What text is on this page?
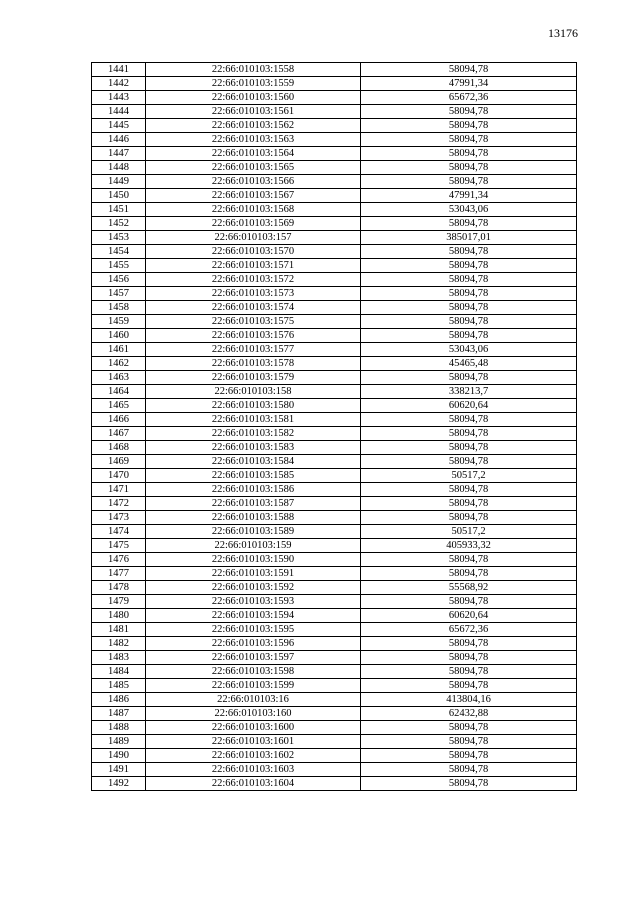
13176
1441	22:66:010103:1558	58094,78
1442	22:66:010103:1559	47991,34
1443	22:66:010103:1560	65672,36
1444	22:66:010103:1561	58094,78
1445	22:66:010103:1562	58094,78
1446	22:66:010103:1563	58094,78
1447	22:66:010103:1564	58094,78
1448	22:66:010103:1565	58094,78
1449	22:66:010103:1566	58094,78
1450	22:66:010103:1567	47991,34
1451	22:66:010103:1568	53043,06
1452	22:66:010103:1569	58094,78
1453	22:66:010103:157	385017,01
1454	22:66:010103:1570	58094,78
1455	22:66:010103:1571	58094,78
1456	22:66:010103:1572	58094,78
1457	22:66:010103:1573	58094,78
1458	22:66:010103:1574	58094,78
1459	22:66:010103:1575	58094,78
1460	22:66:010103:1576	58094,78
1461	22:66:010103:1577	53043,06
1462	22:66:010103:1578	45465,48
1463	22:66:010103:1579	58094,78
1464	22:66:010103:158	338213,7
1465	22:66:010103:1580	60620,64
1466	22:66:010103:1581	58094,78
1467	22:66:010103:1582	58094,78
1468	22:66:010103:1583	58094,78
1469	22:66:010103:1584	58094,78
1470	22:66:010103:1585	50517,2
1471	22:66:010103:1586	58094,78
1472	22:66:010103:1587	58094,78
1473	22:66:010103:1588	58094,78
1474	22:66:010103:1589	50517,2
1475	22:66:010103:159	405933,32
1476	22:66:010103:1590	58094,78
1477	22:66:010103:1591	58094,78
1478	22:66:010103:1592	55568,92
1479	22:66:010103:1593	58094,78
1480	22:66:010103:1594	60620,64
1481	22:66:010103:1595	65672,36
1482	22:66:010103:1596	58094,78
1483	22:66:010103:1597	58094,78
1484	22:66:010103:1598	58094,78
1485	22:66:010103:1599	58094,78
1486	22:66:010103:16	413804,16
1487	22:66:010103:160	62432,88
1488	22:66:010103:1600	58094,78
1489	22:66:010103:1601	58094,78
1490	22:66:010103:1602	58094,78
1491	22:66:010103:1603	58094,78
1492	22:66:010103:1604	58094,78
